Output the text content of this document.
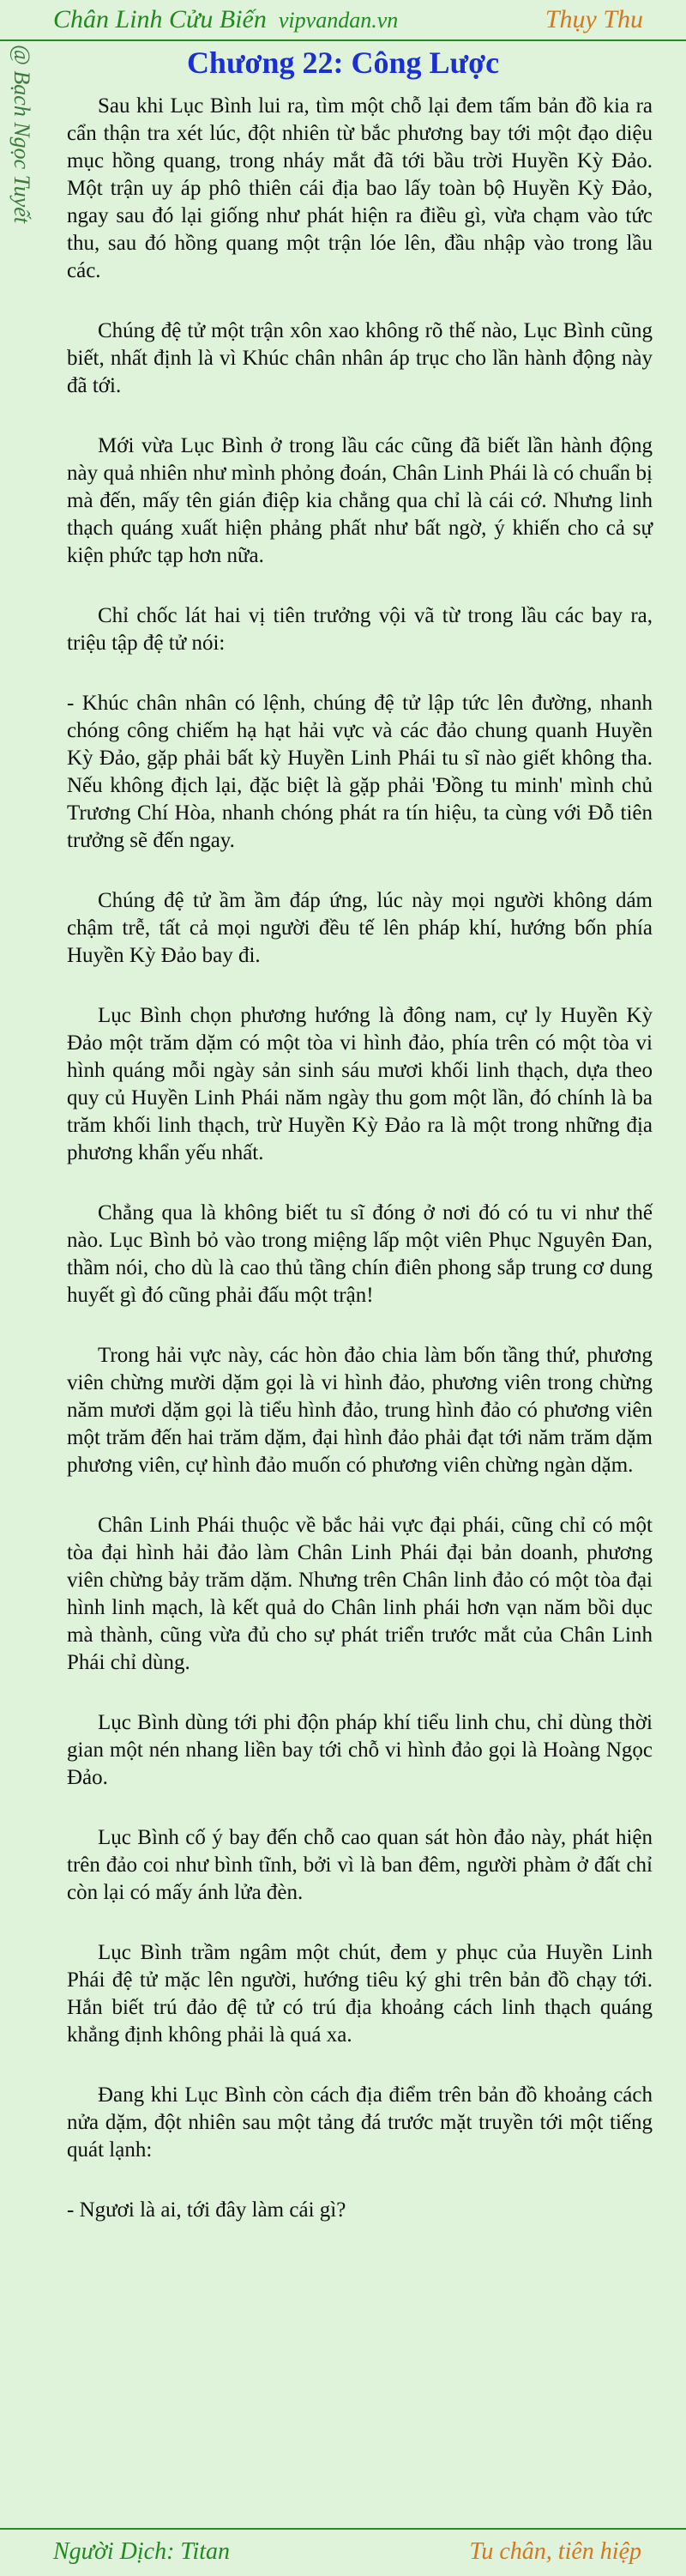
Chân Linh Cửu Biến vipvandan.vn	Thụy Thu
@ Bạch Ngọc Tuyết	Chương 22: Công Lược

Sau khi Lục Bình lui ra, tìm một chỗ lại đem tấm bản đồ kia ra cẩn thận tra xét lúc, đột nhiên từ bắc phương bay tới một đạo diệu mục hồng quang, trong nháy mắt đã tới bầu trời Huyền Kỳ Đảo. Một trận uy áp phô thiên cái địa bao lấy toàn bộ Huyền Kỳ Đảo, ngay sau đó lại giống như phát hiện ra điều gì, vừa chạm vào tức thu, sau đó hồng quang một trận lóe lên, đầu nhập vào trong lầu các.

Chúng đệ tử một trận xôn xao không rõ thế nào, Lục Bình cũng biết, nhất định là vì Khúc chân nhân áp trục cho lần hành động này đã tới.

Mới vừa Lục Bình ở trong lầu các cũng đã biết lần hành động này quả nhiên như mình phỏng đoán, Chân Linh Phái là có chuẩn bị mà đến, mấy tên gián điệp kia chẳng qua chỉ là cái cớ. Nhưng linh thạch quáng xuất hiện phảng phất như bất ngờ, ý khiến cho cả sự kiện phức tạp hơn nữa.

Chỉ chốc lát hai vị tiên trưởng vội vã từ trong lầu các bay ra, triệu tập đệ tử nói:

- Khúc chân nhân có lệnh, chúng đệ tử lập tức lên đường, nhanh chóng công chiếm hạ hạt hải vực và các đảo chung quanh Huyền Kỳ Đảo, gặp phải bất kỳ Huyền Linh Phái tu sĩ nào giết không tha. Nếu không địch lại, đặc biệt là gặp phải 'Đồng tu minh' mình chủ Trương Chí Hòa, nhanh chóng phát ra tín hiệu, ta cùng với Đỗ tiên trưởng sẽ đến ngay.

Chúng đệ tử ầm ầm đáp ứng, lúc này mọi người không dám chậm trễ, tất cả mọi người đều tế lên pháp khí, hướng bốn phía Huyền Kỳ Đảo bay đi.

Lục Bình chọn phương hướng là đông nam, cự ly Huyền Kỳ Đảo một trăm dặm có một tòa vi hình đảo, phía trên có một tòa vi hình quáng mỗi ngày sản sinh sáu mươi khối linh thạch, dựa theo quy củ Huyền Linh Phái năm ngày thu gom một lần, đó chính là ba trăm khối linh thạch, trừ Huyền Kỳ Đảo ra là một trong những địa phương khẩn yếu nhất.

Chẳng qua là không biết tu sĩ đóng ở nơi đó có tu vi như thế nào. Lục Bình bỏ vào trong miệng lấp một viên Phục Nguyên Đan, thầm nói, cho dù là cao thủ tầng chín điên phong sắp trung cơ dung huyết gì đó cũng phải đấu một trận!

Trong hải vực này, các hòn đảo chia làm bốn tầng thứ, phương viên chừng mười dặm gọi là vi hình đảo, phương viên trong chừng năm mươi dặm gọi là tiểu hình đảo, trung hình đảo có phương viên một trăm đến hai trăm dặm, đại hình đảo phải đạt tới năm trăm dặm phương viên, cự hình đảo muốn có phương viên chừng ngàn dặm.

Chân Linh Phái thuộc về bắc hải vực đại phái, cũng chỉ có một tòa đại hình hải đảo làm Chân Linh Phái đại bản doanh, phương viên chừng bảy trăm dặm. Nhưng trên Chân linh đảo có một tòa đại hình linh mạch, là kết quả do Chân linh phái hơn vạn năm bồi dục mà thành, cũng vừa đủ cho sự phát triển trước mắt của Chân Linh Phái chỉ dùng.

Lục Bình dùng tới phi độn pháp khí tiểu linh chu, chỉ dùng thời gian một nén nhang liền bay tới chỗ vi hình đảo gọi là Hoàng Ngọc Đảo.

Lục Bình cố ý bay đến chỗ cao quan sát hòn đảo này, phát hiện trên đảo coi như bình tĩnh, bởi vì là ban đêm, người phàm ở đất chỉ còn lại có mấy ánh lửa đèn.

Lục Bình trầm ngâm một chút, đem y phục của Huyền Linh Phái đệ tử mặc lên người, hướng tiêu ký ghi trên bản đồ chạy tới. Hắn biết trú đảo đệ tử có trú địa khoảng cách linh thạch quáng khẳng định không phải là quá xa.

Đang khi Lục Bình còn cách địa điểm trên bản đồ khoảng cách nửa dặm, đột nhiên sau một tảng đá trước mặt truyền tới một tiếng quát lạnh:

- Ngươi là ai, tới đây làm cái gì?

Người Dịch: Titan	Tu chân, tiên hiệp
